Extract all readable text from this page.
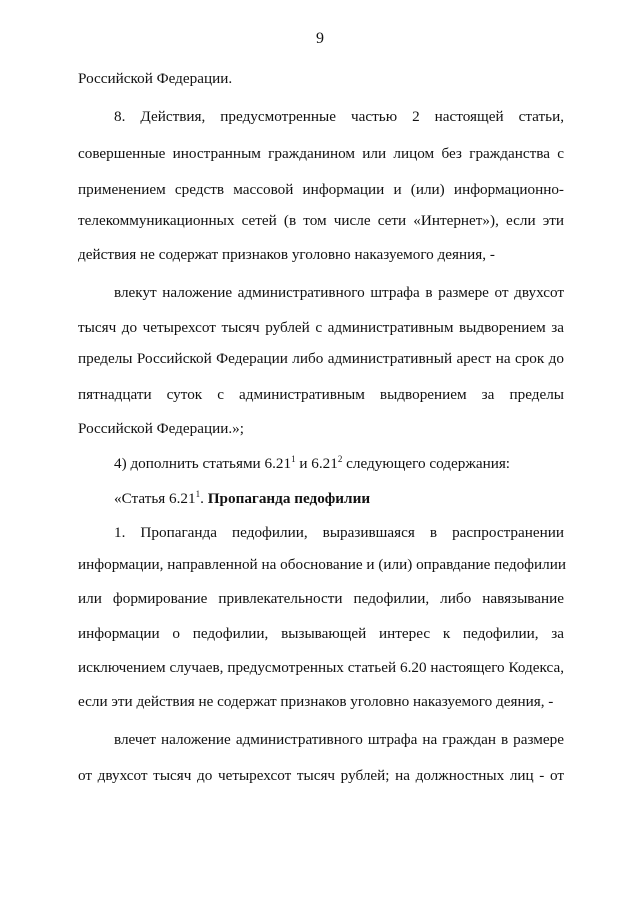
9
Российской Федерации.
8. Действия, предусмотренные частью 2 настоящей статьи,
совершенные иностранным гражданином или лицом без гражданства с
применением средств массовой информации и (или) информационно-
телекоммуникационных сетей (в том числе сети «Интернет»), если эти
действия не содержат признаков уголовно наказуемого деяния, -
влекут наложение административного штрафа в размере от двухсот
тысяч до четырехсот тысяч рублей с административным выдворением за
пределы Российской Федерации либо административный арест на срок до
пятнадцати суток с административным выдворением за пределы
Российской Федерации.»;
4) дополнить статьями 6.21$^1$ и 6.21$^2$ следующего содержания:
«Статья 6.21$^1$. Пропаганда педофилии
1. Пропаганда педофилии, выразившаяся в распространении
информации, направленной на обоснование и (или) оправдание педофилии
или формирование привлекательности педофилии, либо навязывание
информации о педофилии, вызывающей интерес к педофилии, за
исключением случаев, предусмотренных статьей 6.20 настоящего Кодекса,
если эти действия не содержат признаков уголовно наказуемого деяния, -
влечет наложение административного штрафа на граждан в размере
от двухсот тысяч до четырехсот тысяч рублей; на должностных лиц - от
